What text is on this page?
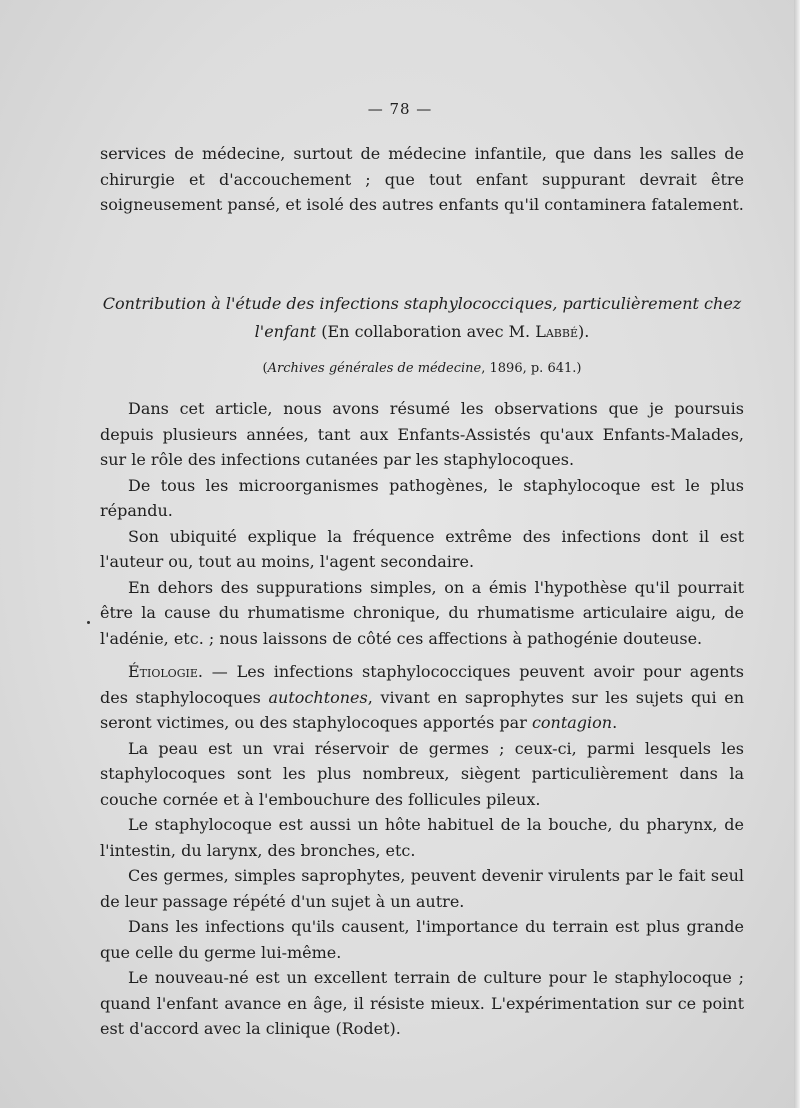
— 78 —

services de médecine, surtout de médecine infantile, que dans les salles de chirurgie et d'accouchement ; que tout enfant suppurant devrait être soigneusement pansé, et isolé des autres enfants qu'il contaminera fatalement.

Contribution à l'étude des infections staphylococciques, particulièrement chez l'enfant (En collaboration avec M. Labbé).
(Archives générales de médecine, 1896, p. 641.)

Dans cet article, nous avons résumé les observations que je poursuis depuis plusieurs années, tant aux Enfants-Assistés qu'aux Enfants-Malades, sur le rôle des infections cutanées par les staphylocoques.

De tous les microorganismes pathogènes, le staphylocoque est le plus répandu.

Son ubiquité explique la fréquence extrême des infections dont il est l'auteur ou, tout au moins, l'agent secondaire.

En dehors des suppurations simples, on a émis l'hypothèse qu'il pourrait être la cause du rhumatisme chronique, du rhumatisme articulaire aigu, de l'adénie, etc. ; nous laissons de côté ces affections à pathogénie douteuse.

Étiologie. — Les infections staphylococciques peuvent avoir pour agents des staphylocoques autochtones, vivant en saprophytes sur les sujets qui en seront victimes, ou des staphylocoques apportés par contagion.

La peau est un vrai réservoir de germes ; ceux-ci, parmi lesquels les staphylocoques sont les plus nombreux, siègent particulièrement dans la couche cornée et à l'embouchure des follicules pileux.

Le staphylocoque est aussi un hôte habituel de la bouche, du pharynx, de l'intestin, du larynx, des bronches, etc.

Ces germes, simples saprophytes, peuvent devenir virulents par le fait seul de leur passage répété d'un sujet à un autre.

Dans les infections qu'ils causent, l'importance du terrain est plus grande que celle du germe lui-même.

Le nouveau-né est un excellent terrain de culture pour le staphylocoque ; quand l'enfant avance en âge, il résiste mieux. L'expérimentation sur ce point est d'accord avec la clinique (Rodet).
